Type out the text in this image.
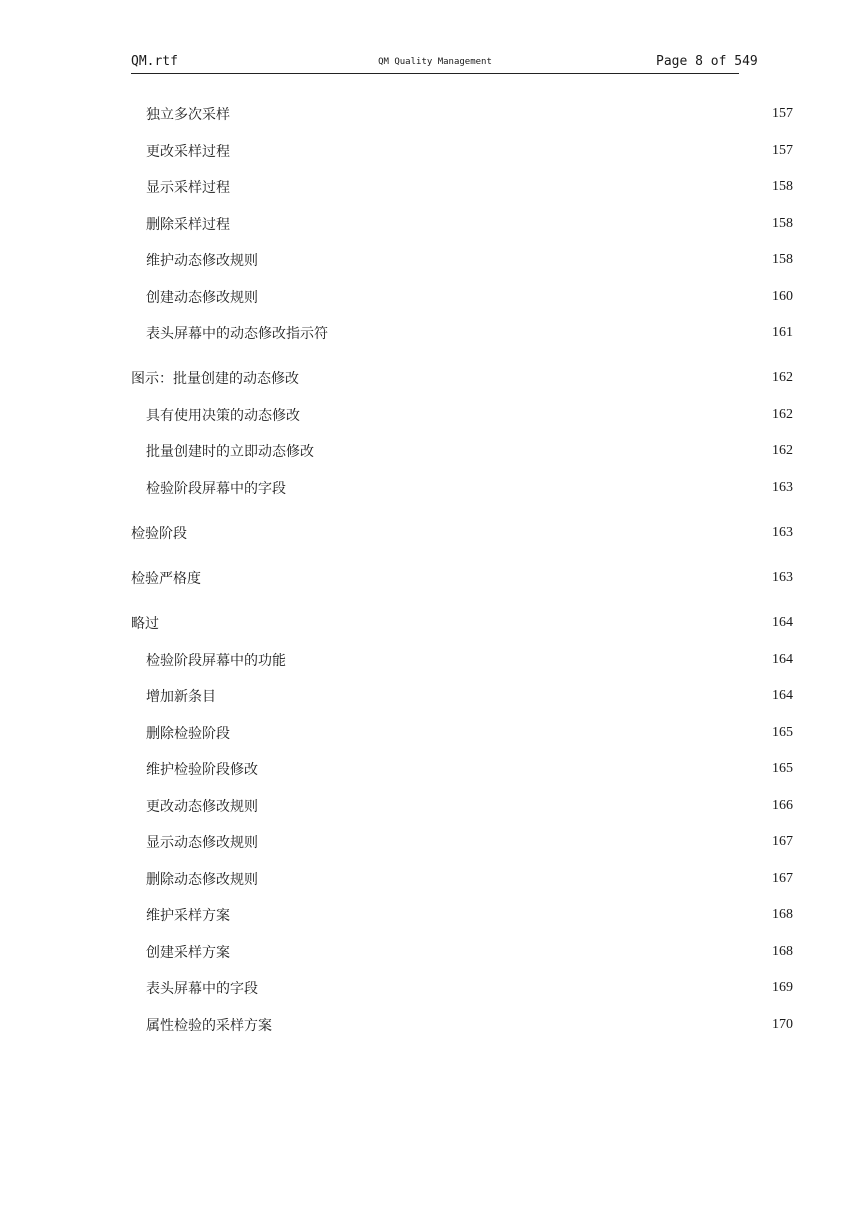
QM.rtf	QM Quality Management	Page 8 of 549
独立多次采样	157
更改采样过程	157
显示采样过程	158
删除采样过程	158
维护动态修改规则	158
创建动态修改规则	160
表头屏幕中的动态修改指示符	161
图示：批量创建的动态修改	162
具有使用决策的动态修改	162
批量创建时的立即动态修改	162
检验阶段屏幕中的字段	163
检验阶段	163
检验严格度	163
略过	164
检验阶段屏幕中的功能	164
增加新条目	164
删除检验阶段	165
维护检验阶段修改	165
更改动态修改规则	166
显示动态修改规则	167
删除动态修改规则	167
维护采样方案	168
创建采样方案	168
表头屏幕中的字段	169
属性检验的采样方案	170
